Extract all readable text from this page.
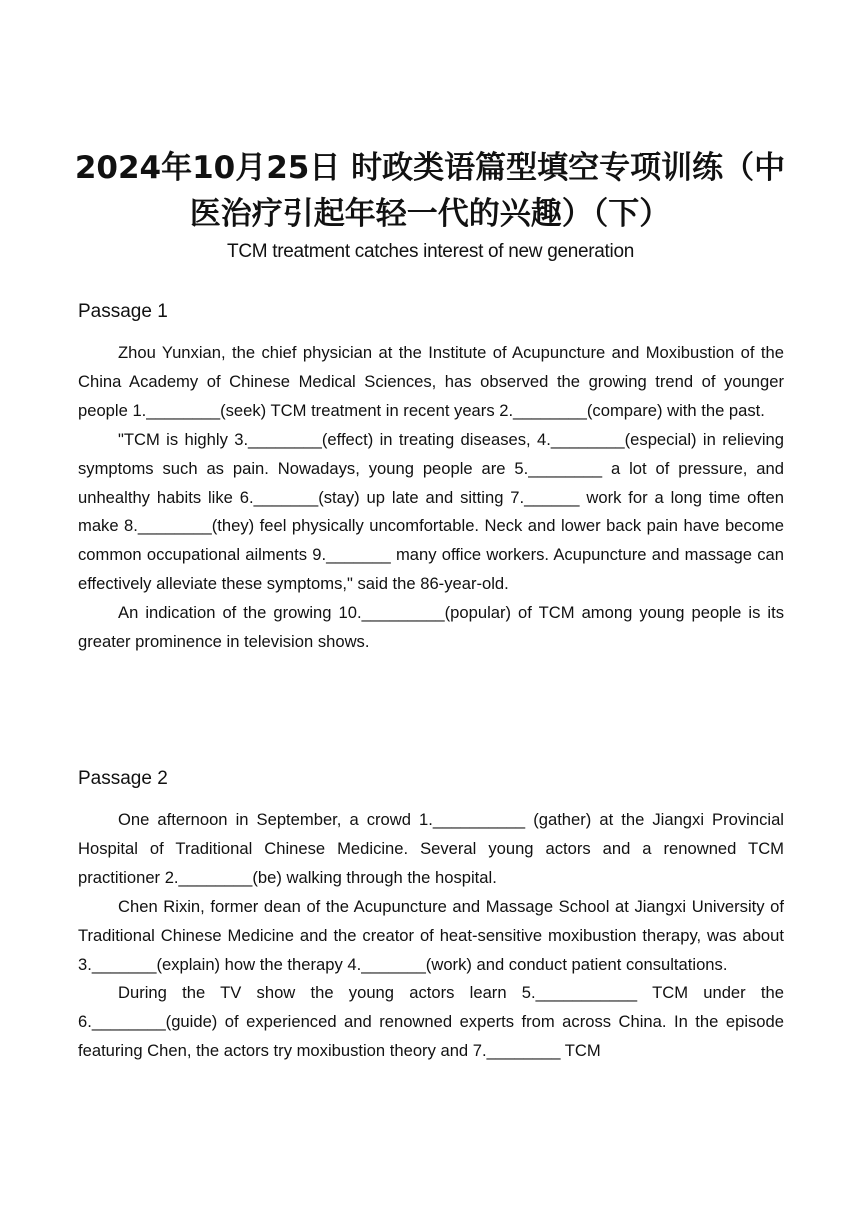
2024年10月25日 时政类语篇型填空专项训练（中医治疗引起年轻一代的兴趣）（下）
TCM treatment catches interest of new generation
Passage 1

Zhou Yunxian, the chief physician at the Institute of Acupuncture and Moxibustion of the China Academy of Chinese Medical Sciences, has observed the growing trend of younger people 1.________(seek) TCM treatment in recent years 2.________(compare) with the past.

"TCM is highly 3.________(effect) in treating diseases, 4.________(especial) in relieving symptoms such as pain. Nowadays, young people are 5.________ a lot of pressure, and unhealthy habits like 6._______(stay) up late and sitting 7.______ work for a long time often make 8.________(they) feel physically uncomfortable. Neck and lower back pain have become common occupational ailments 9._______ many office workers. Acupuncture and massage can effectively alleviate these symptoms," said the 86-year-old.

An indication of the growing 10._________(popular) of TCM among young people is its greater prominence in television shows.

Passage 2

One afternoon in September, a crowd 1.__________ (gather) at the Jiangxi Provincial Hospital of Traditional Chinese Medicine. Several young actors and a renowned TCM practitioner 2.________(be) walking through the hospital.

Chen Rixin, former dean of the Acupuncture and Massage School at Jiangxi University of Traditional Chinese Medicine and the creator of heat-sensitive moxibustion therapy, was about 3._______(explain) how the therapy 4._______(work) and conduct patient consultations.

During the TV show the young actors learn 5.___________ TCM under the 6.________(guide) of experienced and renowned experts from across China. In the episode featuring Chen, the actors try moxibustion theory and 7.________ TCM
